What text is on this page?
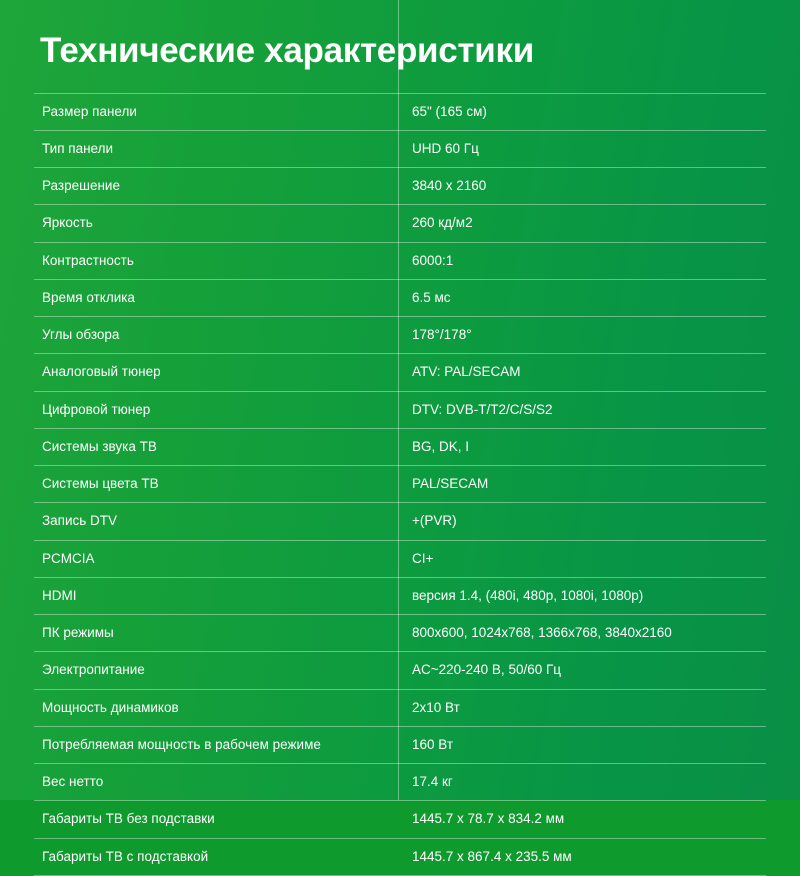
Технические характеристики
Размер панели	65" (165 см)
Тип панели	UHD 60 Гц
Разрешение	3840 x 2160
Яркость	260 кд/м2
Контрастность	6000:1
Время отклика	6.5 мс
Углы обзора	178°/178°
Аналоговый тюнер	ATV: PAL/SECAM
Цифровой тюнер	DTV: DVB-T/T2/C/S/S2
Системы звука ТВ	BG, DK, I
Системы цвета ТВ	PAL/SECAM
Запись DTV	+(PVR)
PCMCIA	CI+
HDMI	версия 1.4, (480i, 480p, 1080i, 1080p)
ПК режимы	800x600, 1024x768, 1366x768, 3840x2160
Электропитание	AC~220-240 В, 50/60 Гц
Мощность динамиков	2x10 Вт
Потребляемая мощность в рабочем режиме	160 Вт
Вес нетто	17.4 кг
Габариты ТВ без подставки	1445.7 x 78.7 x 834.2 мм
Габариты ТВ с подставкой	1445.7 x 867.4 x 235.5 мм
